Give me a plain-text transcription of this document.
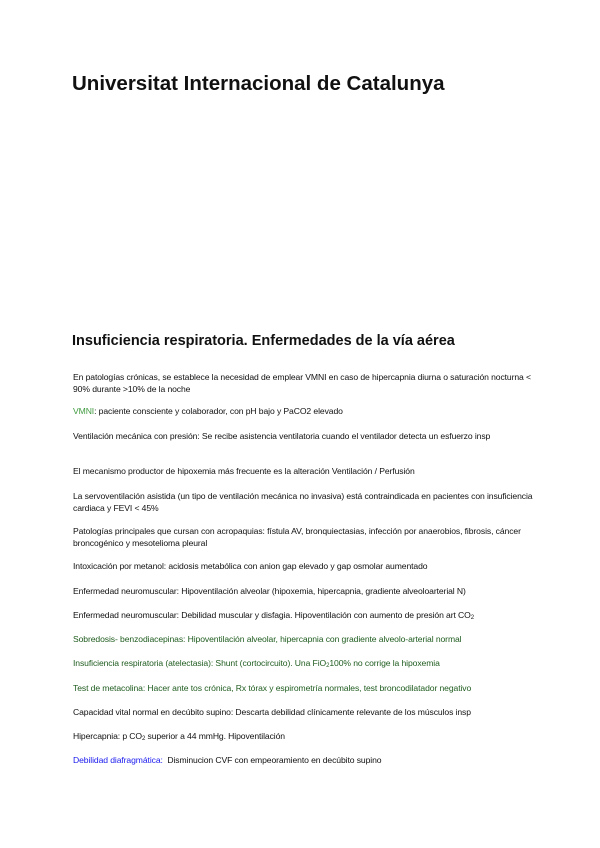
Universitat Internacional de Catalunya
Insuficiencia respiratoria. Enfermedades de la vía aérea

En patologías crónicas, se establece la necesidad de emplear VMNI en caso de hipercapnia diurna o saturación nocturna < 90% durante >10% de la noche

VMNI: paciente consciente y colaborador, con pH bajo y PaCO2 elevado

Ventilación mecánica con presión: Se recibe asistencia ventilatoria cuando el ventilador detecta un esfuerzo insp

El mecanismo productor de hipoxemia más frecuente es la alteración Ventilación / Perfusión

La servoventilación asistida (un tipo de ventilación mecánica no invasiva) está contraindicada en pacientes con insuficiencia cardiaca y FEVI < 45%

Patologías principales que cursan con acropaquias: fístula AV, bronquiectasias, infección por anaerobios, fibrosis, cáncer broncogénico y mesotelioma pleural

Intoxicación por metanol: acidosis metabólica con anion gap elevado y gap osmolar aumentado

Enfermedad neuromuscular: Hipoventilación alveolar (hipoxemia, hipercapnia, gradiente alveoloarterial N)

Enfermedad neuromuscular: Debilidad muscular y disfagia. Hipoventilación con aumento de presión art $CO_2$

Sobredosis- benzodiacepinas: Hipoventilación alveolar, hipercapnia con gradiente alveolo-arterial normal

Insuficiencia respiratoria (atelectasia): Shunt (cortocircuito). Una FiO$_2$100% no corrige la hipoxemia

Test de metacolina: Hacer ante tos crónica, Rx tórax y espirometría normales, test broncodilatador negativo

Capacidad vital normal en decúbito supino: Descarta debilidad clínicamente relevante de los músculos insp

Hipercapnia: p $CO_2$ superior a 44 mmHg. Hipoventilación

Debilidad diafragmática:  Disminucion CVF con empeoramiento en decúbito supino
